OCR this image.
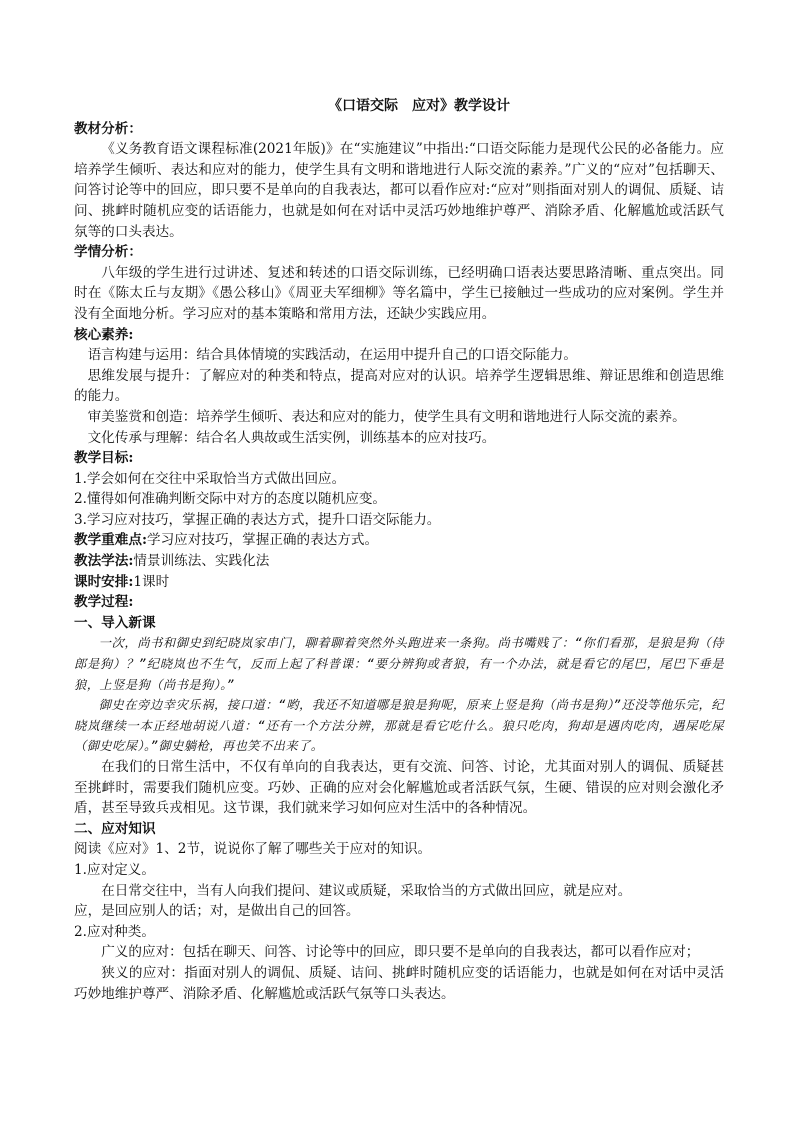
《口语交际　应对》教学设计

教材分析：

《义务教育语文课程标准(2021年版)》在“实施建议”中指出:“口语交际能力是现代公民的必备能力。应培养学生倾听、表达和应对的能力，使学生具有文明和谐地进行人际交流的素养。”广义的“应对”包括聊天、问答讨论等中的回应，即只要不是单向的自我表达，都可以看作应对:“应对”则指面对别人的调侃、质疑、诘问、挑衅时随机应变的话语能力，也就是如何在对话中灵活巧妙地维护尊严、消除矛盾、化解尴尬或活跃气氛等的口头表达。

学情分析：

八年级的学生进行过讲述、复述和转述的口语交际训练，已经明确口语表达要思路清晰、重点突出。同时在《陈太丘与友期》《愚公移山》《周亚夫军细柳》等名篇中，学生已接触过一些成功的应对案例。学生并没有全面地分析。学习应对的基本策略和常用方法，还缺少实践应用。

核心素养:

语言构建与运用：结合具体情境的实践活动，在运用中提升自己的口语交际能力。

思维发展与提升：了解应对的种类和特点，提高对应对的认识。培养学生逻辑思维、辩证思维和创造思维的能力。

审美鉴赏和创造：培养学生倾听、表达和应对的能力，使学生具有文明和谐地进行人际交流的素养。

文化传承与理解：结合名人典故或生活实例，训练基本的应对技巧。

教学目标:

1.学会如何在交往中采取恰当方式做出回应。

2.懂得如何准确判断交际中对方的态度以随机应变。

3.学习应对技巧，掌握正确的表达方式，提升口语交际能力。

教学重难点:学习应对技巧，掌握正确的表达方式。

教法学法:情景训练法、实践化法

课时安排:1课时

教学过程:

一、导入新课

一次，尚书和御史到纪晓岚家串门，聊着聊着突然外头跑进来一条狗。尚书嘴贱了：“你们看那，是狼是狗（侍郎是狗）？”纪晓岚也不生气，反而上起了科普课：“要分辨狗或者狼，有一个办法，就是看它的尾巴，尾巴下垂是狼，上竖是狗（尚书是狗）。”

御史在旁边幸灾乐祸，接口道：“哟，我还不知道哪是狼是狗呢，原来上竖是狗（尚书是狗）”还没等他乐完，纪晓岚继续一本正经地胡说八道：“还有一个方法分辨，那就是看它吃什么。狼只吃肉，狗却是遇肉吃肉，遇屎吃屎（御史吃屎）。”御史躺枪，再也笑不出来了。

在我们的日常生活中，不仅有单向的自我表达，更有交流、问答、讨论，尤其面对别人的调侃、质疑甚至挑衅时，需要我们随机应变。巧妙、正确的应对会化解尴尬或者活跃气氛，生硬、错误的应对则会激化矛盾，甚至导致兵戎相见。这节课，我们就来学习如何应对生活中的各种情况。

二、应对知识

阅读《应对》1、2节，说说你了解了哪些关于应对的知识。

1.应对定义。

在日常交往中，当有人向我们提问、建议或质疑，采取恰当的方式做出回应，就是应对。

应，是回应别人的话；对，是做出自己的回答。

2.应对种类。

广义的应对：包括在聊天、问答、讨论等中的回应，即只要不是单向的自我表达，都可以看作应对；

狭义的应对：指面对别人的调侃、质疑、诘问、挑衅时随机应变的话语能力，也就是如何在对话中灵活巧妙地维护尊严、消除矛盾、化解尴尬或活跃气氛等口头表达。
